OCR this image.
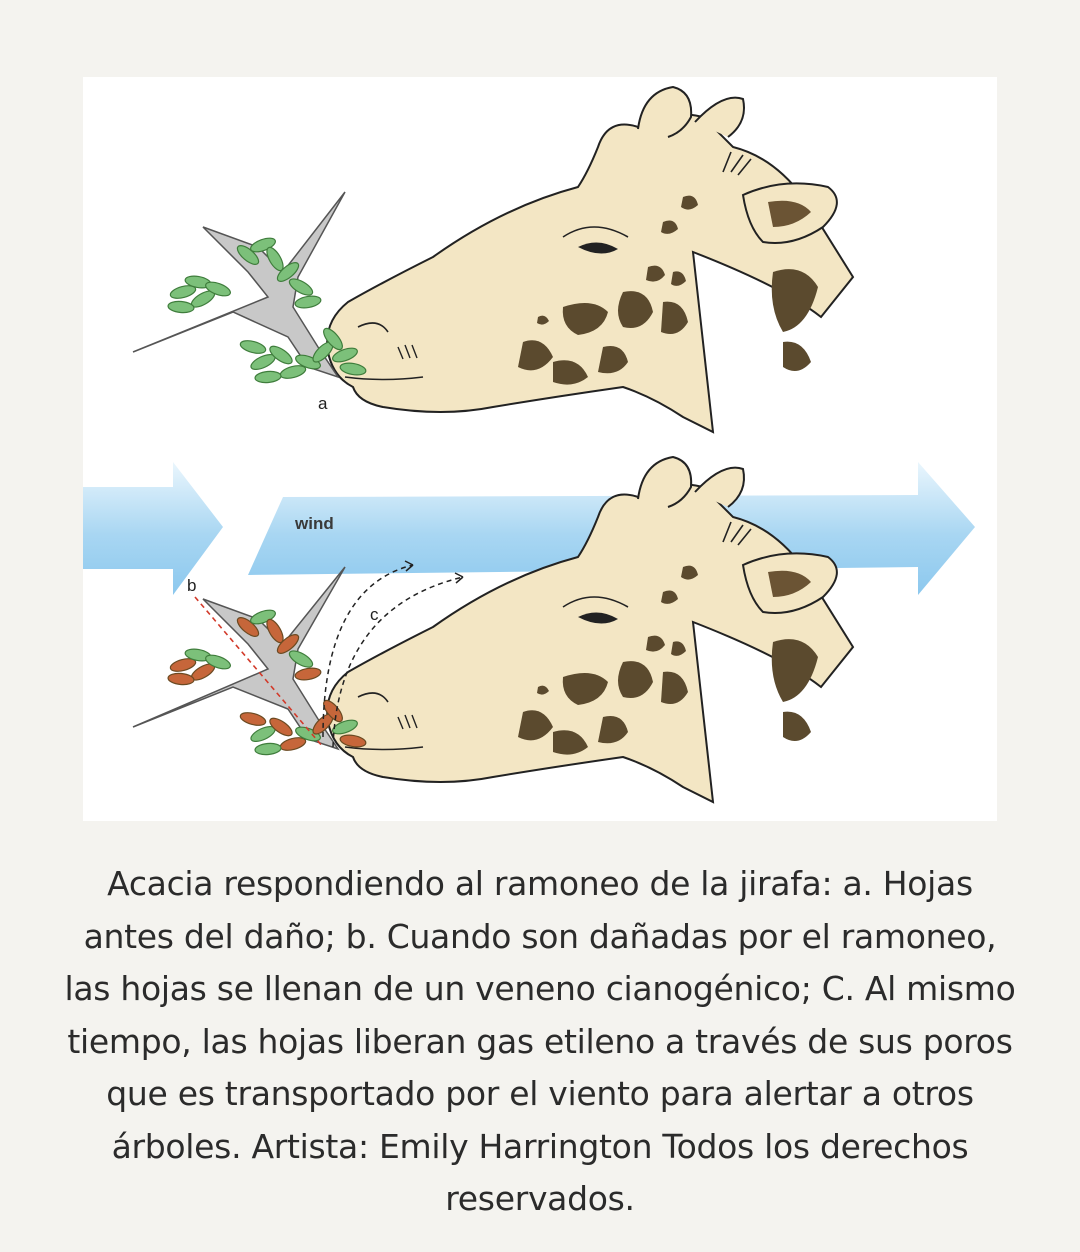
a
wind
b
c
Acacia respondiendo al ramoneo de la jirafa: a. Hojas antes del daño; b. Cuando son dañadas por el ramoneo, las hojas se llenan de un veneno cianogénico; C. Al mismo tiempo, las hojas liberan gas etileno a través de sus poros que es transportado por el viento para alertar a otros árboles. Artista: Emily Harrington Todos los derechos reservados.
